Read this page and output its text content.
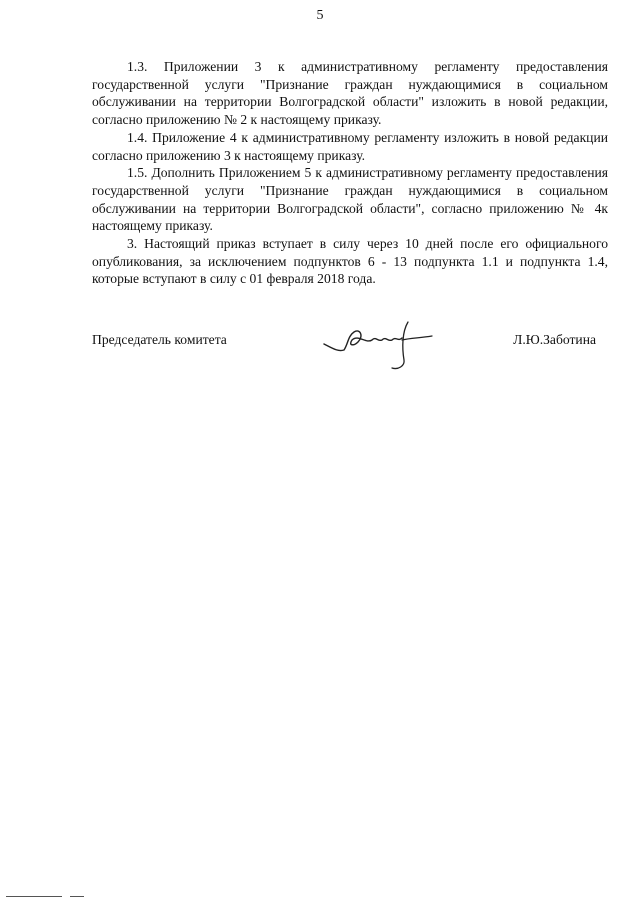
5

1.3. Приложении 3 к административному регламенту предоставления государственной услуги "Признание граждан нуждающимися в социальном обслуживании на территории Волгоградской области" изложить в новой редакции, согласно приложению № 2 к настоящему приказу.

1.4. Приложение 4 к административному регламенту изложить в новой редакции согласно приложению 3 к настоящему приказу.

1.5. Дополнить Приложением 5 к административному регламенту предоставления государственной услуги "Признание граждан нуждающимися в социальном обслуживании на территории Волгоградской области", согласно приложению № 4к настоящему приказу.

3. Настоящий приказ вступает в силу через 10 дней после его официального опубликования, за исключением подпунктов 6 - 13 подпункта 1.1 и подпункта 1.4, которые вступают в силу с 01 февраля 2018 года.

Председатель комитета	Л.Ю.Заботина
